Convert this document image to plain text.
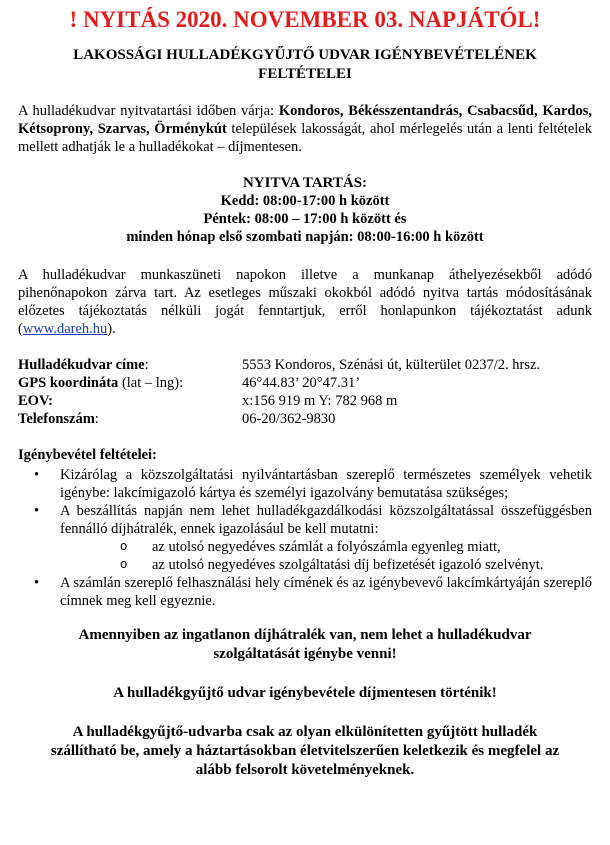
! NYITÁS 2020. NOVEMBER 03. NAPJÁTÓL!
LAKOSSÁGI HULLADÉKGYŰJTŐ UDVAR IGÉNYBEVÉTELÉNEK
FELTÉTELEI

A hulladékudvar nyitvatartási időben várja: Kondoros, Békésszentandrás, Csabacsűd, Kardos, Kétsoprony, Szarvas, Örménykút települések lakosságát, ahol mérlegelés után a lenti feltételek mellett adhatják le a hulladékokat – díjmentesen.

NYITVA TARTÁS:
Kedd: 08:00-17:00 h között
Péntek: 08:00 – 17:00 h között és
minden hónap első szombati napján: 08:00-16:00 h között

A hulladékudvar munkaszüneti napokon illetve a munkanap áthelyezésekből adódó pihenőnapokon zárva tart. Az esetleges műszaki okokból adódó nyitva tartás módosításának előzetes tájékoztatás nélküli jogát fenntartjuk, erről honlapunkon tájékoztatást adunk (www.dareh.hu).

Hulladékudvar címe:	5553 Kondoros, Szénási út, külterület 0237/2. hrsz.
GPS koordináta (lat – lng):	46°44.83’ 20°47.31’
EOV:	x:156 919 m Y: 782 968 m
Telefonszám:	06-20/362-9830
Igénybevétel feltételei:
• Kizárólag a közszolgáltatási nyilvántartásban szereplő természetes személyek vehetik igénybe: lakcímigazoló kártya és személyi igazolvány bemutatása szükséges;
• A beszállítás napján nem lehet hulladékgazdálkodási közszolgáltatással összefüggésben fennálló díjhátralék, ennek igazolásául be kell mutatni:
o az utolsó negyedéves számlát a folyószámla egyenleg miatt,
o az utolsó negyedéves szolgáltatási díj befizetését igazoló szelvényt.
• A számlán szereplő felhasználási hely címének és az igénybevevő lakcímkártyáján szereplő címnek meg kell egyeznie.
Amennyiben az ingatlanon díjhátralék van, nem lehet a hulladékudvar
szolgáltatását igénybe venni!
A hulladékgyűjtő udvar igénybevétele díjmentesen történik!
A hulladékgyűjtő-udvarba csak az olyan elkülönítetten gyűjtött hulladék
szállítható be, amely a háztartásokban életvitelszerűen keletkezik és megfelel az
alább felsorolt követelményeknek.
